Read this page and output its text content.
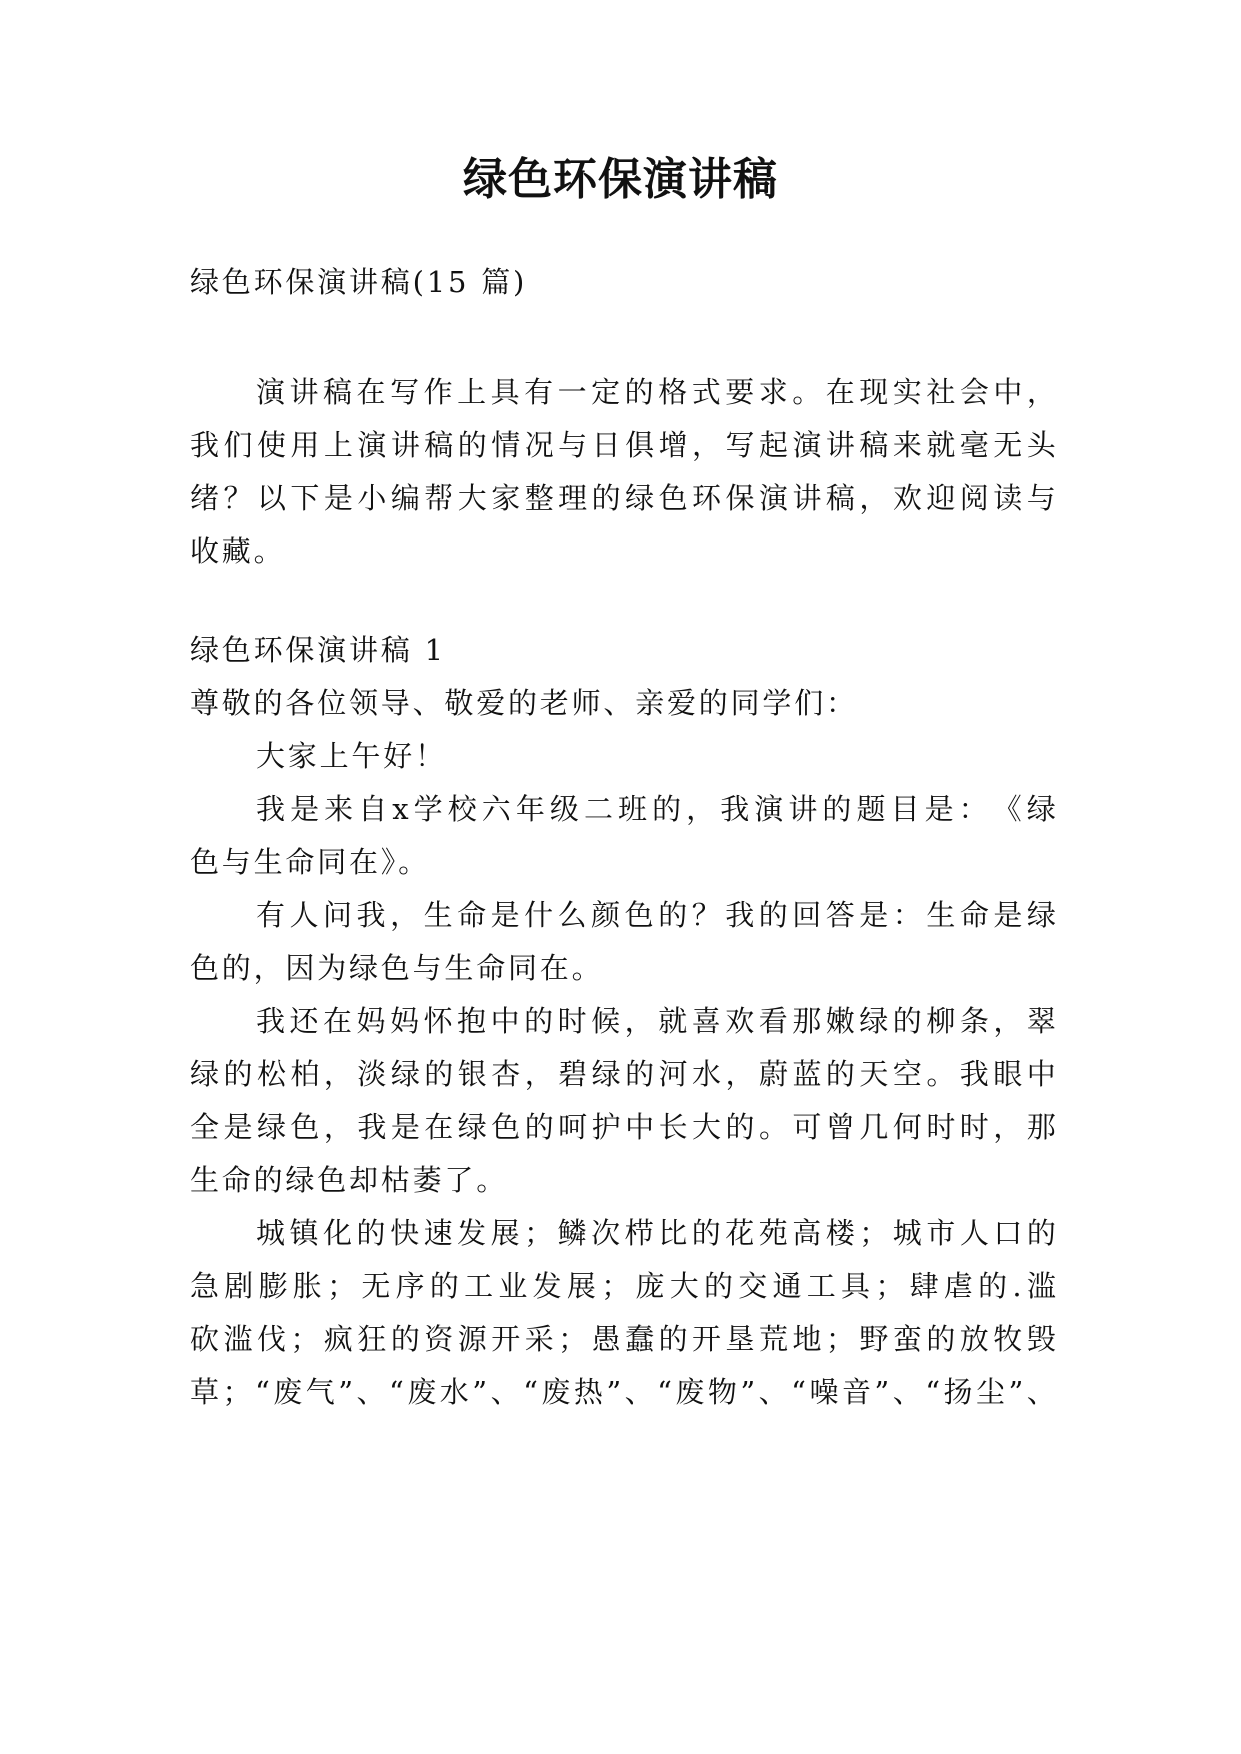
绿色环保演讲稿
绿色环保演讲稿(15 篇)
演 讲 稿 在 写 作 上 具 有 一 定 的 格 式 要 求 。 在 现 实 社 会 中 ，
我 们 使 用 上 演 讲 稿 的 情 况 与 日 俱 增 ， 写 起 演 讲 稿 来 就 毫 无 头
绪 ？ 以 下 是 小 编 帮 大 家 整 理 的 绿 色 环 保 演 讲 稿 ， 欢 迎 阅 读 与
收藏。
绿色环保演讲稿 1
尊敬的各位领导、敬爱的老师、亲爱的同学们：
大家上午好！
我 是 来 自 x 学 校 六 年 级 二 班 的 ， 我 演 讲 的 题 目 是 ： 《 绿
色与生命同在》。
有 人 问 我 ， 生 命 是 什 么 颜 色 的 ？ 我 的 回 答 是 ： 生 命 是 绿
色的，因为绿色与生命同在。
我 还 在 妈 妈 怀 抱 中 的 时 候 ， 就 喜 欢 看 那 嫩 绿 的 柳 条 ， 翠
绿 的 松 柏 ， 淡 绿 的 银 杏 ， 碧 绿 的 河 水 ， 蔚 蓝 的 天 空 。 我 眼 中
全 是 绿 色 ， 我 是 在 绿 色 的 呵 护 中 长 大 的 。 可 曾 几 何 时 时 ， 那
生命的绿色却枯萎了。
城 镇 化 的 快 速 发 展 ； 鳞 次 栉 比 的 花 苑 高 楼 ； 城 市 人 口 的
急 剧 膨 胀 ； 无 序 的 工 业 发 展 ； 庞 大 的 交 通 工 具 ； 肆 虐 的 . 滥
砍 滥 伐 ； 疯 狂 的 资 源 开 采 ； 愚 蠢 的 开 垦 荒 地 ； 野 蛮 的 放 牧 毁
草 ； “ 废 气 ” 、 “ 废 水 ” 、 “ 废 热 ” 、 “ 废 物 ” 、 “ 噪 音 ” 、 “ 扬 尘 ” 、
